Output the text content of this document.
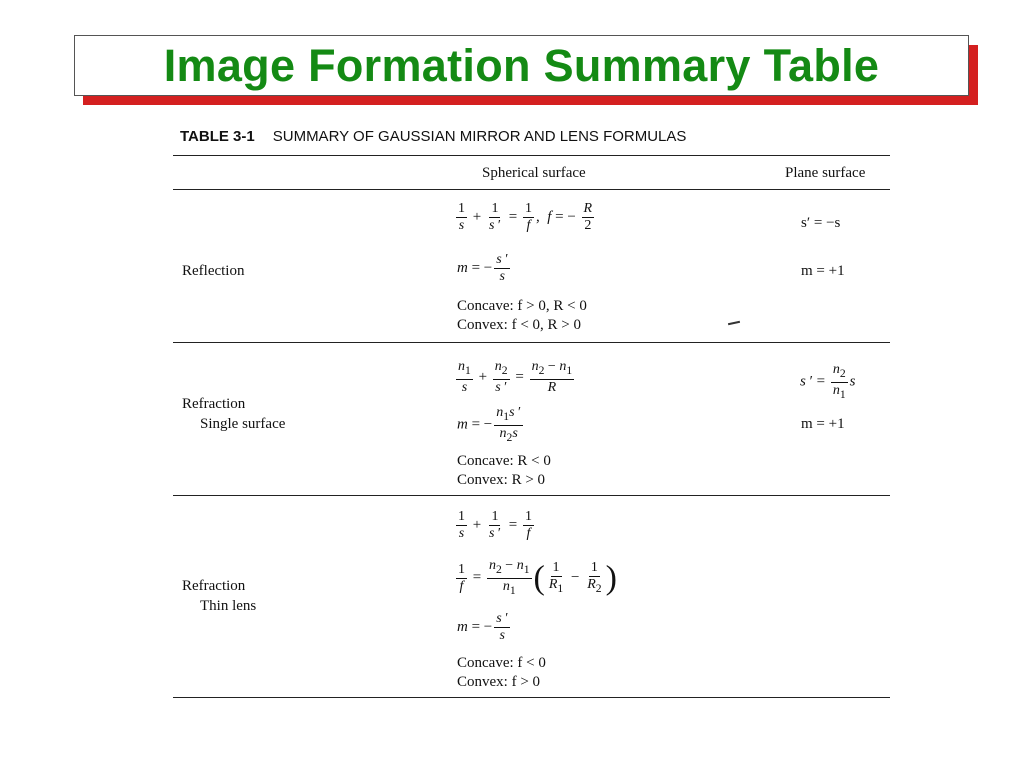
Image Formation Summary Table
TABLE 3-1 SUMMARY OF GAUSSIAN MIRROR AND LENS FORMULAS
Spherical surface	Plane surface
Reflection
$\frac{1}{s} + \frac{1}{s '} = \frac{1}{f}$ ,  f = − $\frac{R}{2}$
m = − $\frac{s '}{s}$
Concave: f > 0, R < 0
Convex: f < 0, R > 0
s′ = −s
m = +1
Refraction
Single surface
$\frac{n_1}{s} + \frac{n_2}{s '} = \frac{n_2 - n_1}{R}$
m = − $\frac{n_1s '}{n_2s}$
Concave: R < 0
Convex: R > 0
s ′ = $\frac{n_2}{n_1}$ s
m = +1
Refraction
Thin lens
$\frac{1}{s} + \frac{1}{s '} = \frac{1}{f}$
$\frac{1}{f} = \frac{n_2 - n_1}{n_1}$ ( $\frac{1}{R_1} - \frac{1}{R_2}$ )
m = − $\frac{s '}{s}$
Concave: f < 0
Convex: f > 0
